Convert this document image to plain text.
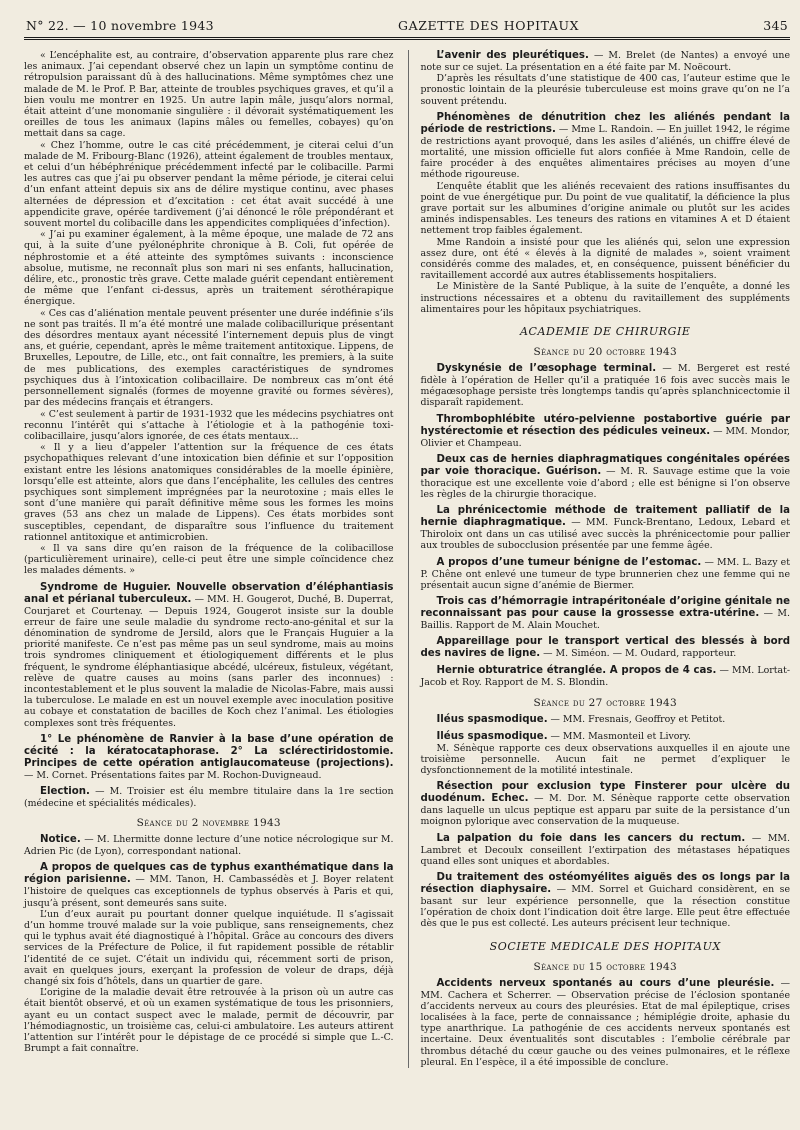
N° 22. — 10 novembre 1943	GAZETTE DES HOPITAUX	345

« L’encéphalite est, au contraire, d’observation apparente plus rare chez les animaux. J’ai cependant observé chez un lapin un symptôme continu de rétropulsion paraissant dû à des hallucinations. Même symptômes chez une malade de M. le Prof. P. Bar, atteinte de troubles psychiques graves, et qu’il a bien voulu me montrer en 1925. Un autre lapin mâle, jusqu’alors normal, était atteint d’une monomanie singulière : il dévorait systématiquement les oreilles de tous les animaux (lapins mâles ou femelles, cobayes) qu’on mettait dans sa cage.

« Chez l’homme, outre le cas cité précédemment, je citerai celui d’un malade de M. Fribourg-Blanc (1926), atteint également de troubles mentaux, et celui d’un hébéphrénique précédemment infecté par le colibacille. Parmi les autres cas que j’ai pu observer pendant la même période, je citerai celui d’un enfant atteint depuis six ans de délire mystique continu, avec phases alternées de dépression et d’excitation : cet état avait succédé à une appendicite grave, opérée tardivement (j’ai dénoncé le rôle prépondérant et souvent mortel du colibacille dans les appendicites compliquées d’infection).

« J’ai pu examiner également, à la même époque, une malade de 72 ans qui, à la suite d’une pyélonéphrite chronique à B. Coli, fut opérée de néphrostomie et a été atteinte des symptômes suivants : inconscience absolue, mutisme, ne reconnaît plus son mari ni ses enfants, hallucination, délire, etc., pronostic très grave. Cette malade guérit cependant entièrement de même que l’enfant ci-dessus, après un traitement sérothérapique énergique.

« Ces cas d’aliénation mentale peuvent présenter une durée indéfinie s’ils ne sont pas traités. Il m’a été montré une malade colibacillurique présentant des désordres mentaux ayant nécessité l’internement depuis plus de vingt ans, et guérie, cependant, après le même traitement antitoxique. Lippens, de Bruxelles, Lepoutre, de Lille, etc., ont fait connaître, les premiers, à la suite de mes publications, des exemples caractéristiques de syndromes psychiques dus à l’intoxication colibacillaire. De nombreux cas m’ont été personnellement signalés (formes de moyenne gravité ou formes sévères), par des médecins français et étrangers.

« C’est seulement à partir de 1931-1932 que les médecins psychiatres ont reconnu l’intérêt qui s’attache à l’étiologie et à la pathogénie toxi-colibacillaire, jusqu’alors ignorée, de ces états mentaux...

« Il y a lieu d’appeler l’attention sur la fréquence de ces états psychopathiques relevant d’une intoxication bien définie et sur l’opposition existant entre les lésions anatomiques considérables de la moelle épinière, lorsqu’elle est atteinte, alors que dans l’encéphalite, les cellules des centres psychiques sont simplement imprégnées par la neurotoxine ; mais elles le sont d’une manière qui paraît définitive même sous les formes les moins graves (53 ans chez un malade de Lippens). Ces états morbides sont susceptibles, cependant, de disparaître sous l’influence du traitement rationnel antitoxique et antimicrobien.

« Il va sans dire qu’en raison de la fréquence de la colibacillose (particulièrement urinaire), celle-ci peut être une simple coïncidence chez les malades déments. »

Syndrome de Huguier. Nouvelle observation d’éléphantiasis anal et périanal tuberculeux. — MM. H. Gougerot, Duché, B. Duperrat, Courjaret et Courtenay. — Depuis 1924, Gougerot insiste sur la double erreur de faire une seule maladie du syndrome recto-ano-génital et sur la dénomination de syndrome de Jersild, alors que le Français Huguier a la priorité manifeste. Ce n’est pas même pas un seul syndrome, mais au moins trois syndromes cliniquement et étiologiquement différents et le plus fréquent, le syndrome éléphantiasique abcédé, ulcéreux, fistuleux, végétant, relève de quatre causes au moins (sans parler des inconnues) : incontestablement et le plus souvent la maladie de Nicolas-Fabre, mais aussi la tuberculose. Le malade en est un nouvel exemple avec inoculation positive au cobaye et constatation de bacilles de Koch chez l’animal. Les étiologies complexes sont très fréquentes.
1° Le phénomène de Ranvier à la base d’une opération de cécité : la kératocataphorase. 2° La sclérectiridostomie. Principes de cette opération antiglaucomateuse (projections). — M. Cornet. Présentations faites par M. Rochon-Duvigneaud.
Election. — M. Troisier est élu membre titulaire dans la 1re section (médecine et spécialités médicales).
Séance du 2 novembre 1943
Notice. — M. Lhermitte donne lecture d’une notice nécrologique sur M. Adrien Pic (de Lyon), correspondant national.
A propos de quelques cas de typhus exanthématique dans la région parisienne. — MM. Tanon, H. Cambassédès et J. Boyer relatent l’histoire de quelques cas exceptionnels de typhus observés à Paris et qui, jusqu’à présent, sont demeurés sans suite.

L’un d’eux aurait pu pourtant donner quelque inquiétude. Il s’agissait d’un homme trouvé malade sur la voie publique, sans renseignements, chez qui le typhus avait été diagnostiqué à l’hôpital. Grâce au concours des divers services de la Préfecture de Police, il fut rapidement possible de rétablir l’identité de ce sujet. C’était un individu qui, récemment sorti de prison, avait en quelques jours, exerçant la profession de voleur de draps, déjà changé six fois d’hôtels, dans un quartier de gare.

L’origine de la maladie devait être retrouvée à la prison où un autre cas était bientôt observé, et où un examen systématique de tous les prisonniers, ayant eu un contact suspect avec le malade, permit de découvrir, par l’hémodiagnostic, un troisième cas, celui-ci ambulatoire. Les auteurs attirent l’attention sur l’intérêt pour le dépistage de ce procédé si simple que L.-C. Brumpt a fait connaître.

L’avenir des pleurétiques. — M. Brelet (de Nantes) a envoyé une note sur ce sujet. La présentation en a été faite par M. Noëcourt.

D’après les résultats d’une statistique de 400 cas, l’auteur estime que le pronostic lointain de la pleurésie tuberculeuse est moins grave qu’on ne l’a souvent prétendu.

Phénomènes de dénutrition chez les aliénés pendant la période de restrictions. — Mme L. Randoin. — En juillet 1942, le régime de restrictions ayant provoqué, dans les asiles d’aliénés, un chiffre élevé de mortalité, une mission officielle fut alors confiée à Mme Randoin, celle de faire procéder à des enquêtes alimentaires précises au moyen d’une méthode rigoureuse.

L’enquête établit que les aliénés recevaient des rations insuffisantes du point de vue énergétique pur. Du point de vue qualitatif, la déficience la plus grave portait sur les albumines d’origine animale ou plutôt sur les acides aminés indispensables. Les teneurs des rations en vitamines A et D étaient nettement trop faibles également.

Mme Randoin a insisté pour que les aliénés qui, selon une expression assez dure, ont été « élevés à la dignité de malades », soient vraiment considérés comme des malades, et, en conséquence, puissent bénéficier du ravitaillement accordé aux autres établissements hospitaliers.

Le Ministère de la Santé Publique, à la suite de l’enquête, a donné les instructions nécessaires et a obtenu du ravitaillement des suppléments alimentaires pour les hôpitaux psychiatriques.

ACADEMIE DE CHIRURGIE
Séance du 20 octobre 1943
Dyskynésie de l’œsophage terminal. — M. Bergeret est resté fidèle à l’opération de Heller qu’il a pratiquée 16 fois avec succès mais le mégaœsophage persiste très longtemps tandis qu’après splanchnicectomie il disparaît rapidement.
Thrombophlébite utéro-pelvienne postabortive guérie par hystérectomie et résection des pédicules veineux. — MM. Mondor, Olivier et Champeau.
Deux cas de hernies diaphragmatiques congénitales opérées par voie thoracique. Guérison. — M. R. Sauvage estime que la voie thoracique est une excellente voie d’abord ; elle est bénigne si l’on observe les règles de la chirurgie thoracique.
La phrénicectomie méthode de traitement palliatif de la hernie diaphragmatique. — MM. Funck-Brentano, Ledoux, Lebard et Thiroloix ont dans un cas utilisé avec succès la phrénicectomie pour pallier aux troubles de subocclusion présentée par une femme âgée.
A propos d’une tumeur bénigne de l’estomac. — MM. L. Bazy et P. Chêne ont enlevé une tumeur de type brunnerien chez une femme qui ne présentait aucun signe d’anémie de Biermer.
Trois cas d’hémorragie intrapéritonéale d’origine génitale ne reconnaissant pas pour cause la grossesse extra-utérine. — M. Baillis. Rapport de M. Alain Mouchet.
Appareillage pour le transport vertical des blessés à bord des navires de ligne. — M. Siméon. — M. Oudard, rapporteur.
Hernie obturatrice étranglée. A propos de 4 cas. — MM. Lortat-Jacob et Roy. Rapport de M. S. Blondin.
Séance du 27 octobre 1943
Iléus spasmodique. — MM. Fresnais, Geoffroy et Petitot.
Iléus spasmodique. — MM. Masmonteil et Livory.

M. Sénèque rapporte ces deux observations auxquelles il en ajoute une troisième personnelle. Aucun fait ne permet d’expliquer le dysfonctionnement de la motilité intestinale.

Résection pour exclusion type Finsterer pour ulcère du duodénum. Echec. — M. Dor. M. Sénèque rapporte cette observation dans laquelle un ulcus peptique est apparu par suite de la persistance d’un moignon pylorique avec conservation de la muqueuse.
La palpation du foie dans les cancers du rectum. — MM. Lambret et Decoulx conseillent l’extirpation des métastases hépatiques quand elles sont uniques et abordables.
Du traitement des ostéomyélites aiguës des os longs par la résection diaphysaire. — MM. Sorrel et Guichard considèrent, en se basant sur leur expérience personnelle, que la résection constitue l’opération de choix dont l’indication doit être large. Elle peut être effectuée dès que le pus est collecté. Les auteurs précisent leur technique.
SOCIETE MEDICALE DES HOPITAUX
Séance du 15 octobre 1943
Accidents nerveux spontanés au cours d’une pleurésie. — MM. Cachera et Scherrer. — Observation précise de l’éclosion spontanée d’accidents nerveux au cours des pleurésies. Etat de mal épileptique, crises localisées à la face, perte de connaissance ; hémiplégie droite, aphasie du type anarthrique. La pathogénie de ces accidents nerveux spontanés est incertaine. Deux éventualités sont discutables : l’embolie cérébrale par thrombus détaché du cœur gauche ou des veines pulmonaires, et le réflexe pleural. En l’espèce, il a été impossible de conclure.
